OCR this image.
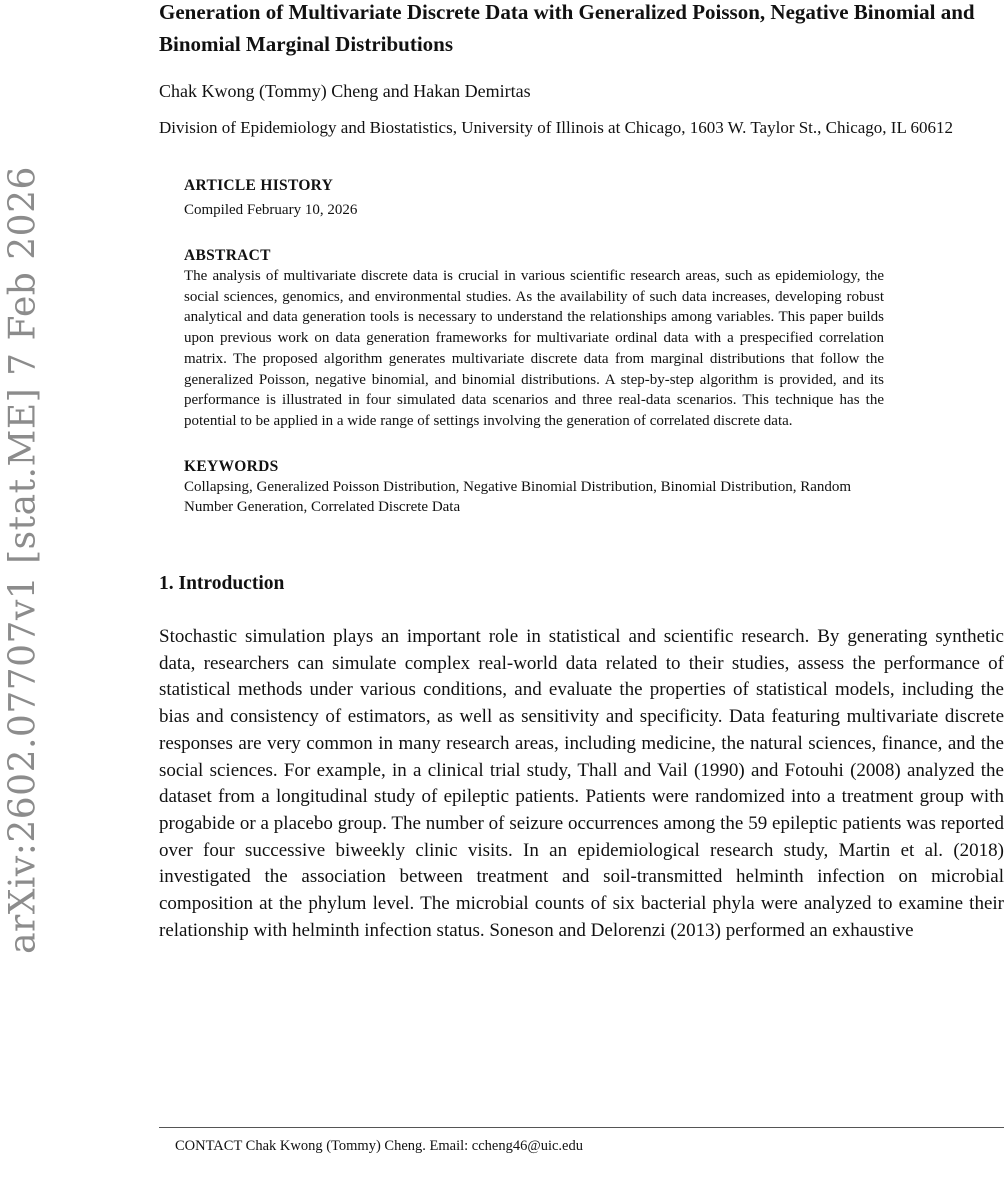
arXiv:2602.07707v1 [stat.ME] 7 Feb 2026
Generation of Multivariate Discrete Data with Generalized Poisson, Negative Binomial and Binomial Marginal Distributions
Chak Kwong (Tommy) Cheng and Hakan Demirtas
Division of Epidemiology and Biostatistics, University of Illinois at Chicago, 1603 W. Taylor St., Chicago, IL 60612
ARTICLE HISTORY

Compiled February 10, 2026

ABSTRACT

The analysis of multivariate discrete data is crucial in various scientific research areas, such as epidemiology, the social sciences, genomics, and environmental studies. As the availability of such data increases, developing robust analytical and data generation tools is necessary to understand the relationships among variables. This paper builds upon previous work on data generation frameworks for multivariate ordinal data with a prespecified correlation matrix. The proposed algorithm generates multivariate discrete data from marginal distributions that follow the generalized Poisson, negative binomial, and binomial distributions. A step-by-step algorithm is provided, and its performance is illustrated in four simulated data scenarios and three real-data scenarios. This technique has the potential to be applied in a wide range of settings involving the generation of correlated discrete data.

KEYWORDS

Collapsing, Generalized Poisson Distribution, Negative Binomial Distribution, Binomial Distribution, Random Number Generation, Correlated Discrete Data

1. Introduction

Stochastic simulation plays an important role in statistical and scientific research. By generating synthetic data, researchers can simulate complex real-world data related to their studies, assess the performance of statistical methods under various conditions, and evaluate the properties of statistical models, including the bias and consistency of estimators, as well as sensitivity and specificity. Data featuring multivariate discrete responses are very common in many research areas, including medicine, the natural sciences, finance, and the social sciences. For example, in a clinical trial study, Thall and Vail (1990) and Fotouhi (2008) analyzed the dataset from a longitudinal study of epileptic patients. Patients were randomized into a treatment group with progabide or a placebo group. The number of seizure occurrences among the 59 epileptic patients was reported over four successive biweekly clinic visits. In an epidemiological research study, Martin et al. (2018) investigated the association between treatment and soil-transmitted helminth infection on microbial composition at the phylum level. The microbial counts of six bacterial phyla were analyzed to examine their relationship with helminth infection status. Soneson and Delorenzi (2013) performed an exhaustive

CONTACT Chak Kwong (Tommy) Cheng. Email: ccheng46@uic.edu
